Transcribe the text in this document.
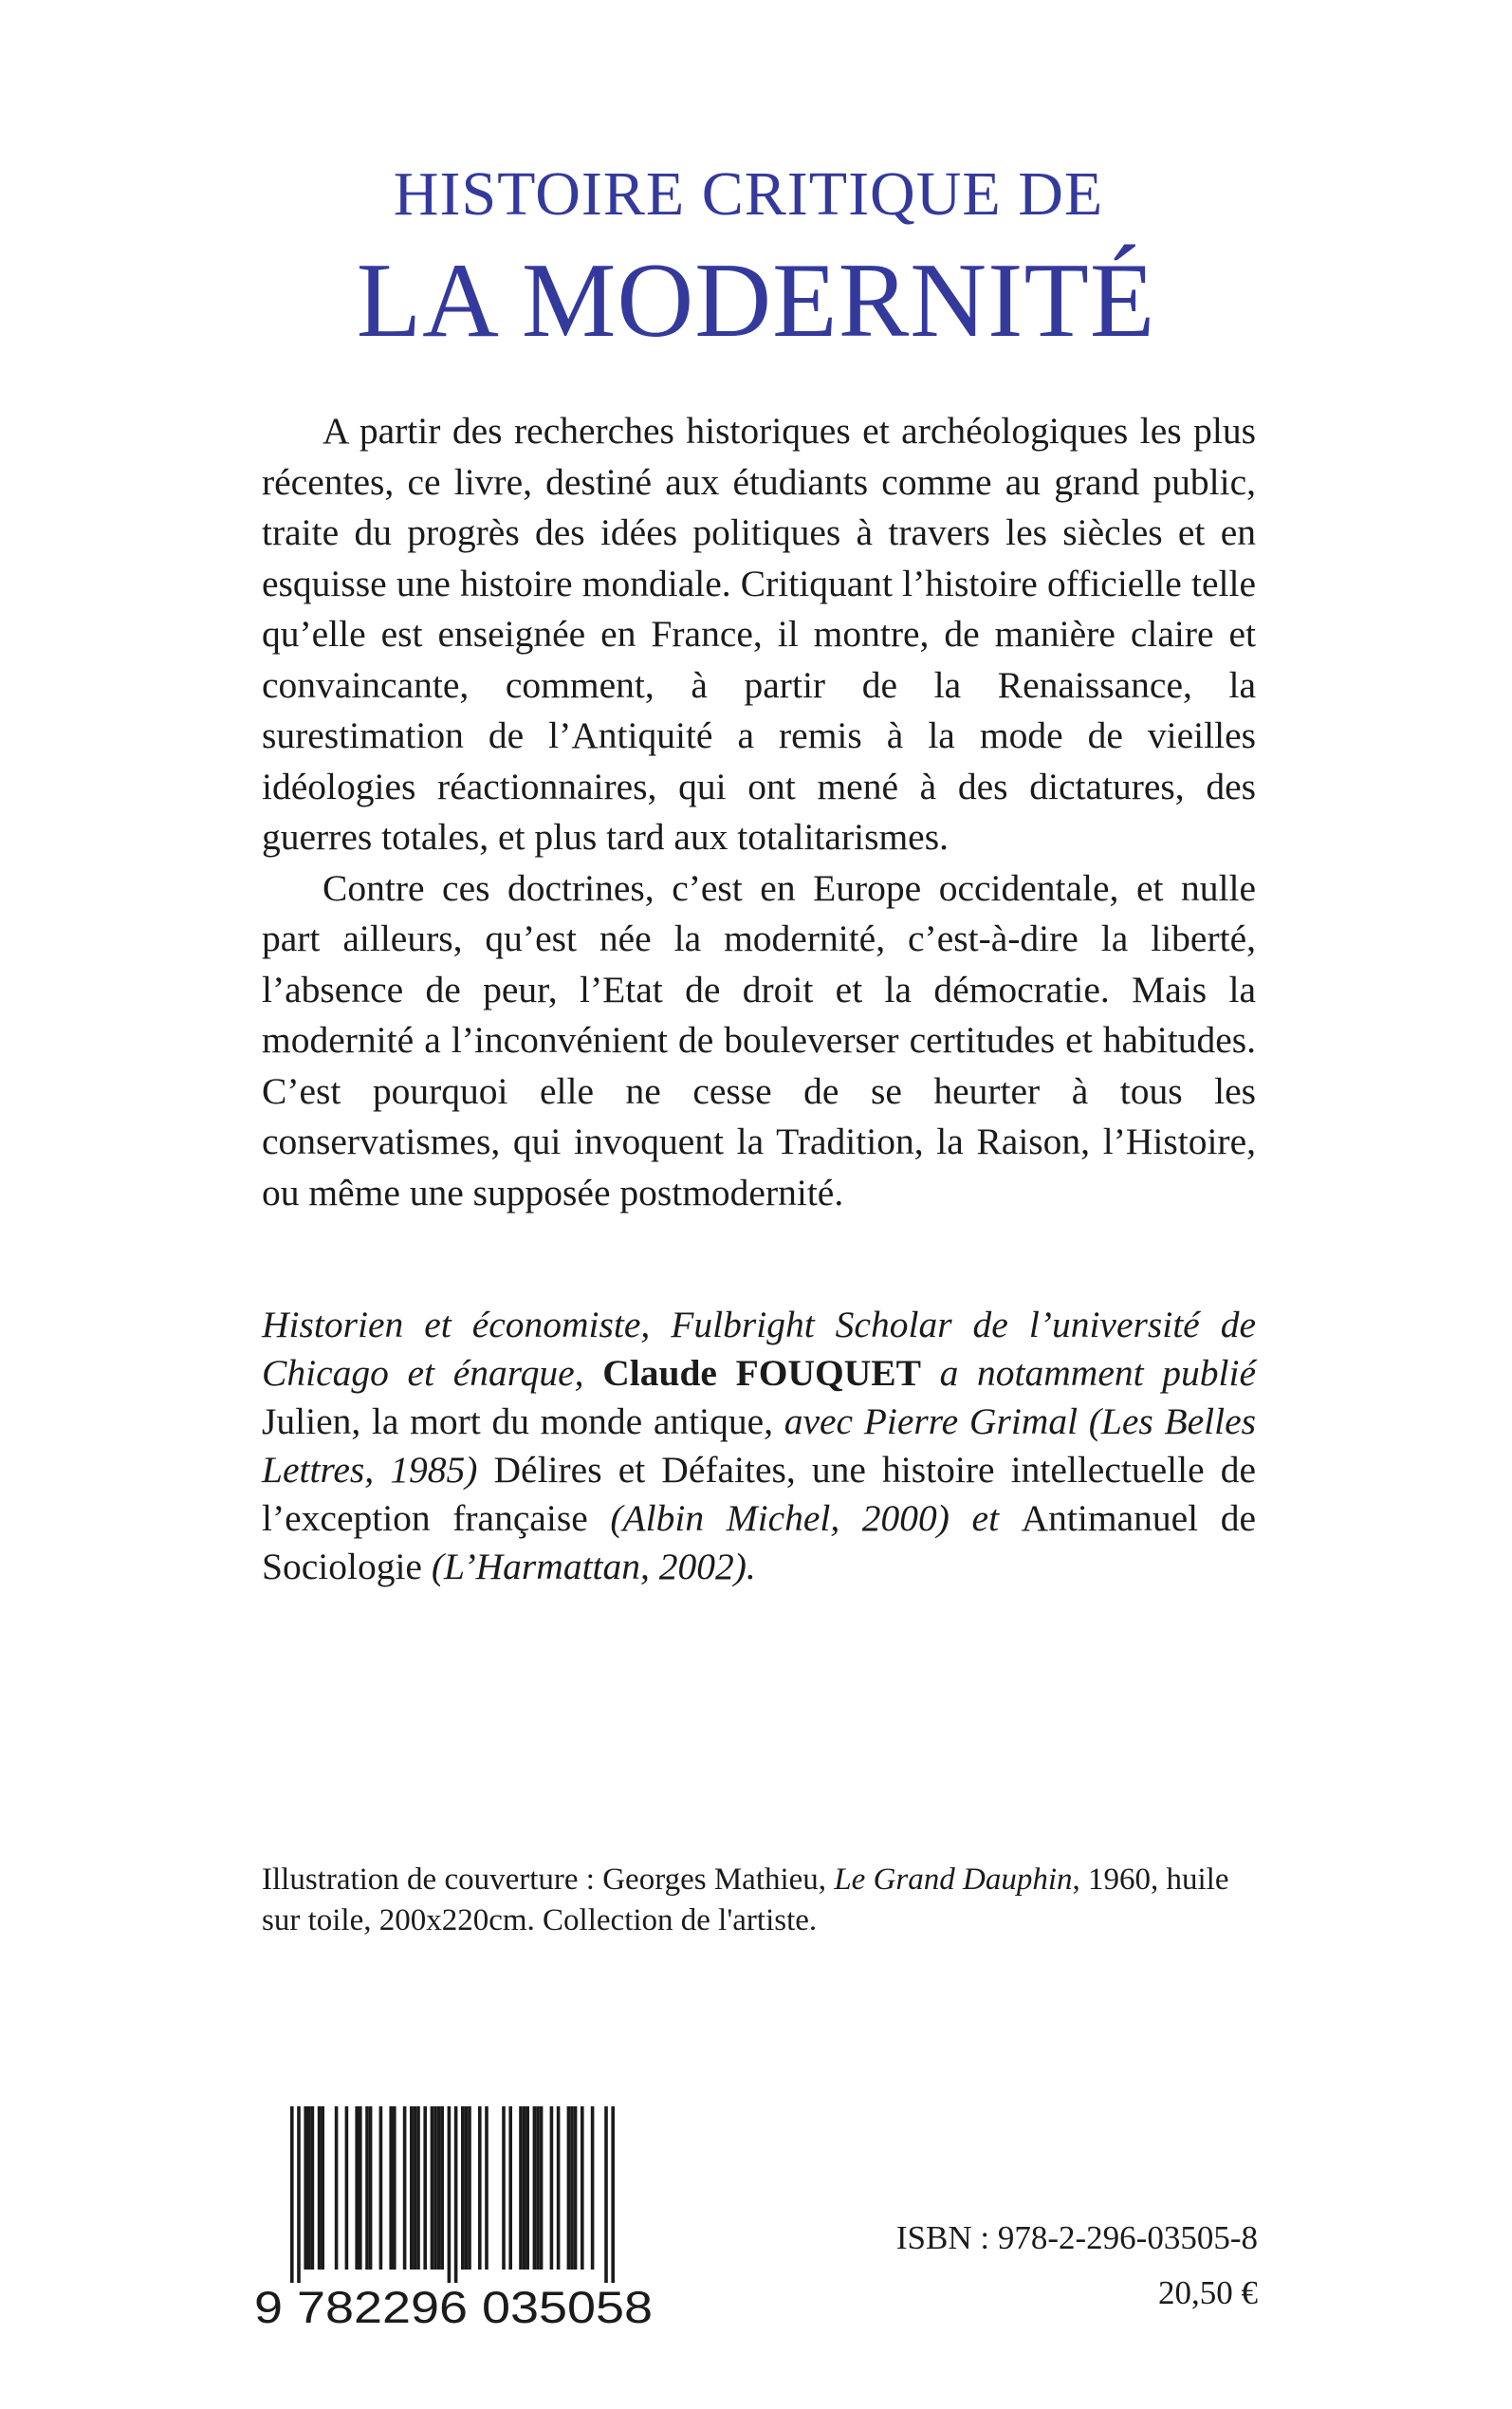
HISTOIRE CRITIQUE DE
LA MODERNITÉ

A partir des recherches historiques et archéologiques les plus récentes, ce livre, destiné aux étudiants comme au grand public, traite du progrès des idées politiques à travers les siècles et en esquisse une histoire mondiale. Critiquant l’histoire officielle telle qu’elle est enseignée en France, il montre, de manière claire et convaincante, comment, à partir de la Renaissance, la surestimation de l’Antiquité a remis à la mode de vieilles idéologies réactionnaires, qui ont mené à des dictatures, des guerres totales, et plus tard aux totalitarismes.

Contre ces doctrines, c’est en Europe occidentale, et nulle part ailleurs, qu’est née la modernité, c’est-à-dire la liberté, l’absence de peur, l’Etat de droit et la démocratie. Mais la modernité a l’inconvénient de bouleverser certitudes et habitudes. C’est pourquoi elle ne cesse de se heurter à tous les conservatismes, qui invoquent la Tradition, la Raison, l’Histoire, ou même une supposée postmodernité.

Historien et économiste, Fulbright Scholar de l’université de Chicago et énarque, Claude FOUQUET a notamment publié Julien, la mort du monde antique, avec Pierre Grimal (Les Belles Lettres, 1985) Délires et Défaites, une histoire intellectuelle de l’exception française (Albin Michel, 2000) et Antimanuel de Sociologie (L’Harmattan, 2002).

Illustration de couverture : Georges Mathieu, Le Grand Dauphin, 1960, huile sur toile, 200x220cm. Collection de l'artiste.

9 782296 035058
ISBN : 978-2-296-03505-8
20,50 €
